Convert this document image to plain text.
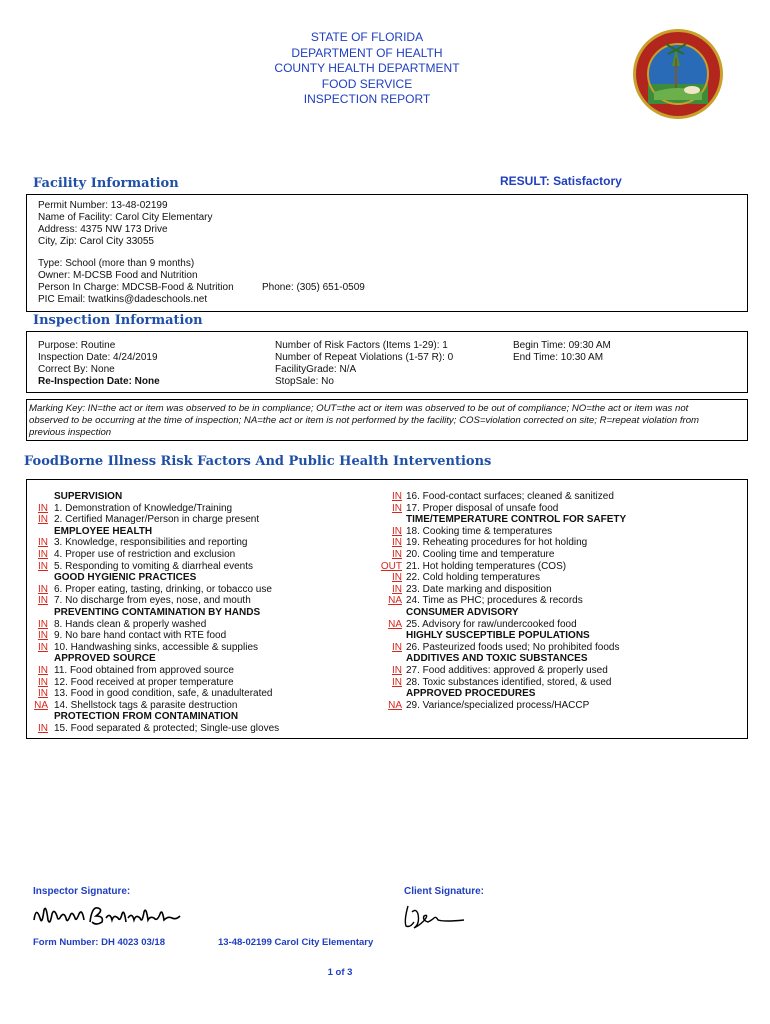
STATE OF FLORIDA
DEPARTMENT OF HEALTH
COUNTY HEALTH DEPARTMENT
FOOD SERVICE
INSPECTION REPORT
Facility Information	RESULT: Satisfactory
Permit Number: 13-48-02199
Name of Facility: Carol City Elementary
Address: 4375 NW 173 Drive
City, Zip: Carol City 33055
Type: School (more than 9 months)
Owner: M-DCSB Food and Nutrition
Person In Charge: MDCSB-Food & Nutrition
PIC Email: twatkins@dadeschools.net
Phone: (305) 651-0509
Inspection Information
Purpose: Routine
Inspection Date: 4/24/2019
Correct By: None
Re-Inspection Date: None
Number of Risk Factors (Items 1-29): 1
Number of Repeat Violations (1-57 R): 0
FacilityGrade: N/A
StopSale: No
Begin Time: 09:30 AM
End Time: 10:30 AM
Marking Key: IN=the act or item was observed to be in compliance; OUT=the act or item was observed to be out of compliance; NO=the act or item was not
observed to be occurring at the time of inspection; NA=the act or item is not performed by the facility; COS=violation corrected on site; R=repeat violation from
previous inspection
FoodBorne Illness Risk Factors And Public Health Interventions
SUPERVISION
IN 1. Demonstration of Knowledge/Training
IN 2. Certified Manager/Person in charge present
EMPLOYEE HEALTH
IN 3. Knowledge, responsibilities and reporting
IN 4. Proper use of restriction and exclusion
IN 5. Responding to vomiting & diarrheal events
GOOD HYGIENIC PRACTICES
IN 6. Proper eating, tasting, drinking, or tobacco use
IN 7. No discharge from eyes, nose, and mouth
PREVENTING CONTAMINATION BY HANDS
IN 8. Hands clean & properly washed
IN 9. No bare hand contact with RTE food
IN 10. Handwashing sinks, accessible & supplies
APPROVED SOURCE
IN 11. Food obtained from approved source
IN 12. Food received at proper temperature
IN 13. Food in good condition, safe, & unadulterated
NA 14. Shellstock tags & parasite destruction
PROTECTION FROM CONTAMINATION
IN 15. Food separated & protected; Single-use gloves
IN 16. Food-contact surfaces; cleaned & sanitized
IN 17. Proper disposal of unsafe food
TIME/TEMPERATURE CONTROL FOR SAFETY
IN 18. Cooking time & temperatures
IN 19. Reheating procedures for hot holding
IN 20. Cooling time and temperature
OUT 21. Hot holding temperatures (COS)
IN 22. Cold holding temperatures
IN 23. Date marking and disposition
NA 24. Time as PHC; procedures & records
CONSUMER ADVISORY
NA 25. Advisory for raw/undercooked food
HIGHLY SUSCEPTIBLE POPULATIONS
IN 26. Pasteurized foods used; No prohibited foods
ADDITIVES AND TOXIC SUBSTANCES
IN 27. Food additives: approved & properly used
IN 28. Toxic substances identified, stored, & used
APPROVED PROCEDURES
NA 29. Variance/specialized process/HACCP
Inspector Signature:	Client Signature:
Form Number: DH 4023 03/18	13-48-02199 Carol City Elementary
1 of 3
